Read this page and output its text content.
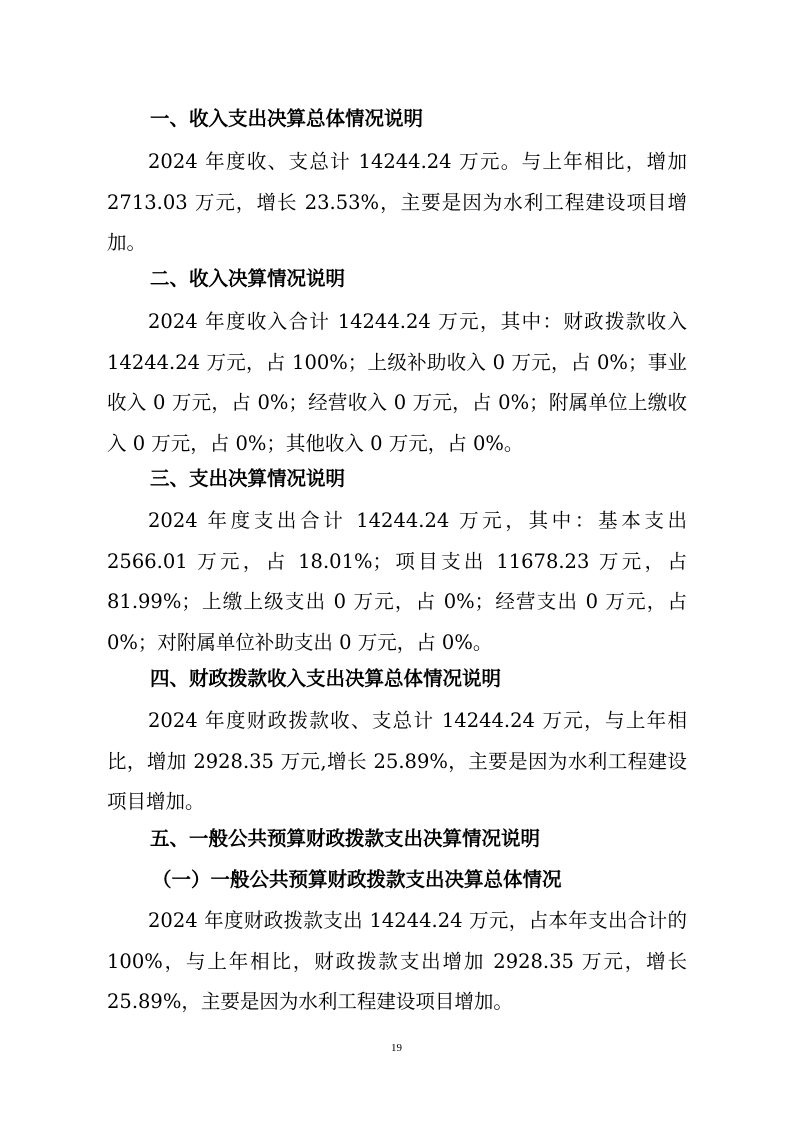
一、收入支出决算总体情况说明

2024 年度收、支总计 14244.24 万元。与上年相比，增加 2713.03 万元，增长 23.53%，主要是因为水利工程建设项目增加。

二、收入决算情况说明

2024 年度收入合计 14244.24 万元，其中：财政拨款收入 14244.24 万元，占 100%；上级补助收入 0 万元，占 0%；事业收入 0 万元，占 0%；经营收入 0 万元，占 0%；附属单位上缴收入 0 万元，占 0%；其他收入 0 万元，占 0%。

三、支出决算情况说明

2024 年度支出合计 14244.24 万元，其中：基本支出 2566.01 万元，占 18.01%；项目支出 11678.23 万元，占 81.99%；上缴上级支出 0 万元，占 0%；经营支出 0 万元，占 0%；对附属单位补助支出 0 万元，占 0%。

四、财政拨款收入支出决算总体情况说明

2024 年度财政拨款收、支总计 14244.24 万元，与上年相比，增加 2928.35 万元,增长 25.89%，主要是因为水利工程建设项目增加。

五、一般公共预算财政拨款支出决算情况说明
（一）一般公共预算财政拨款支出决算总体情况

2024 年度财政拨款支出 14244.24 万元，占本年支出合计的 100%，与上年相比，财政拨款支出增加 2928.35 万元，增长 25.89%，主要是因为水利工程建设项目增加。

19
